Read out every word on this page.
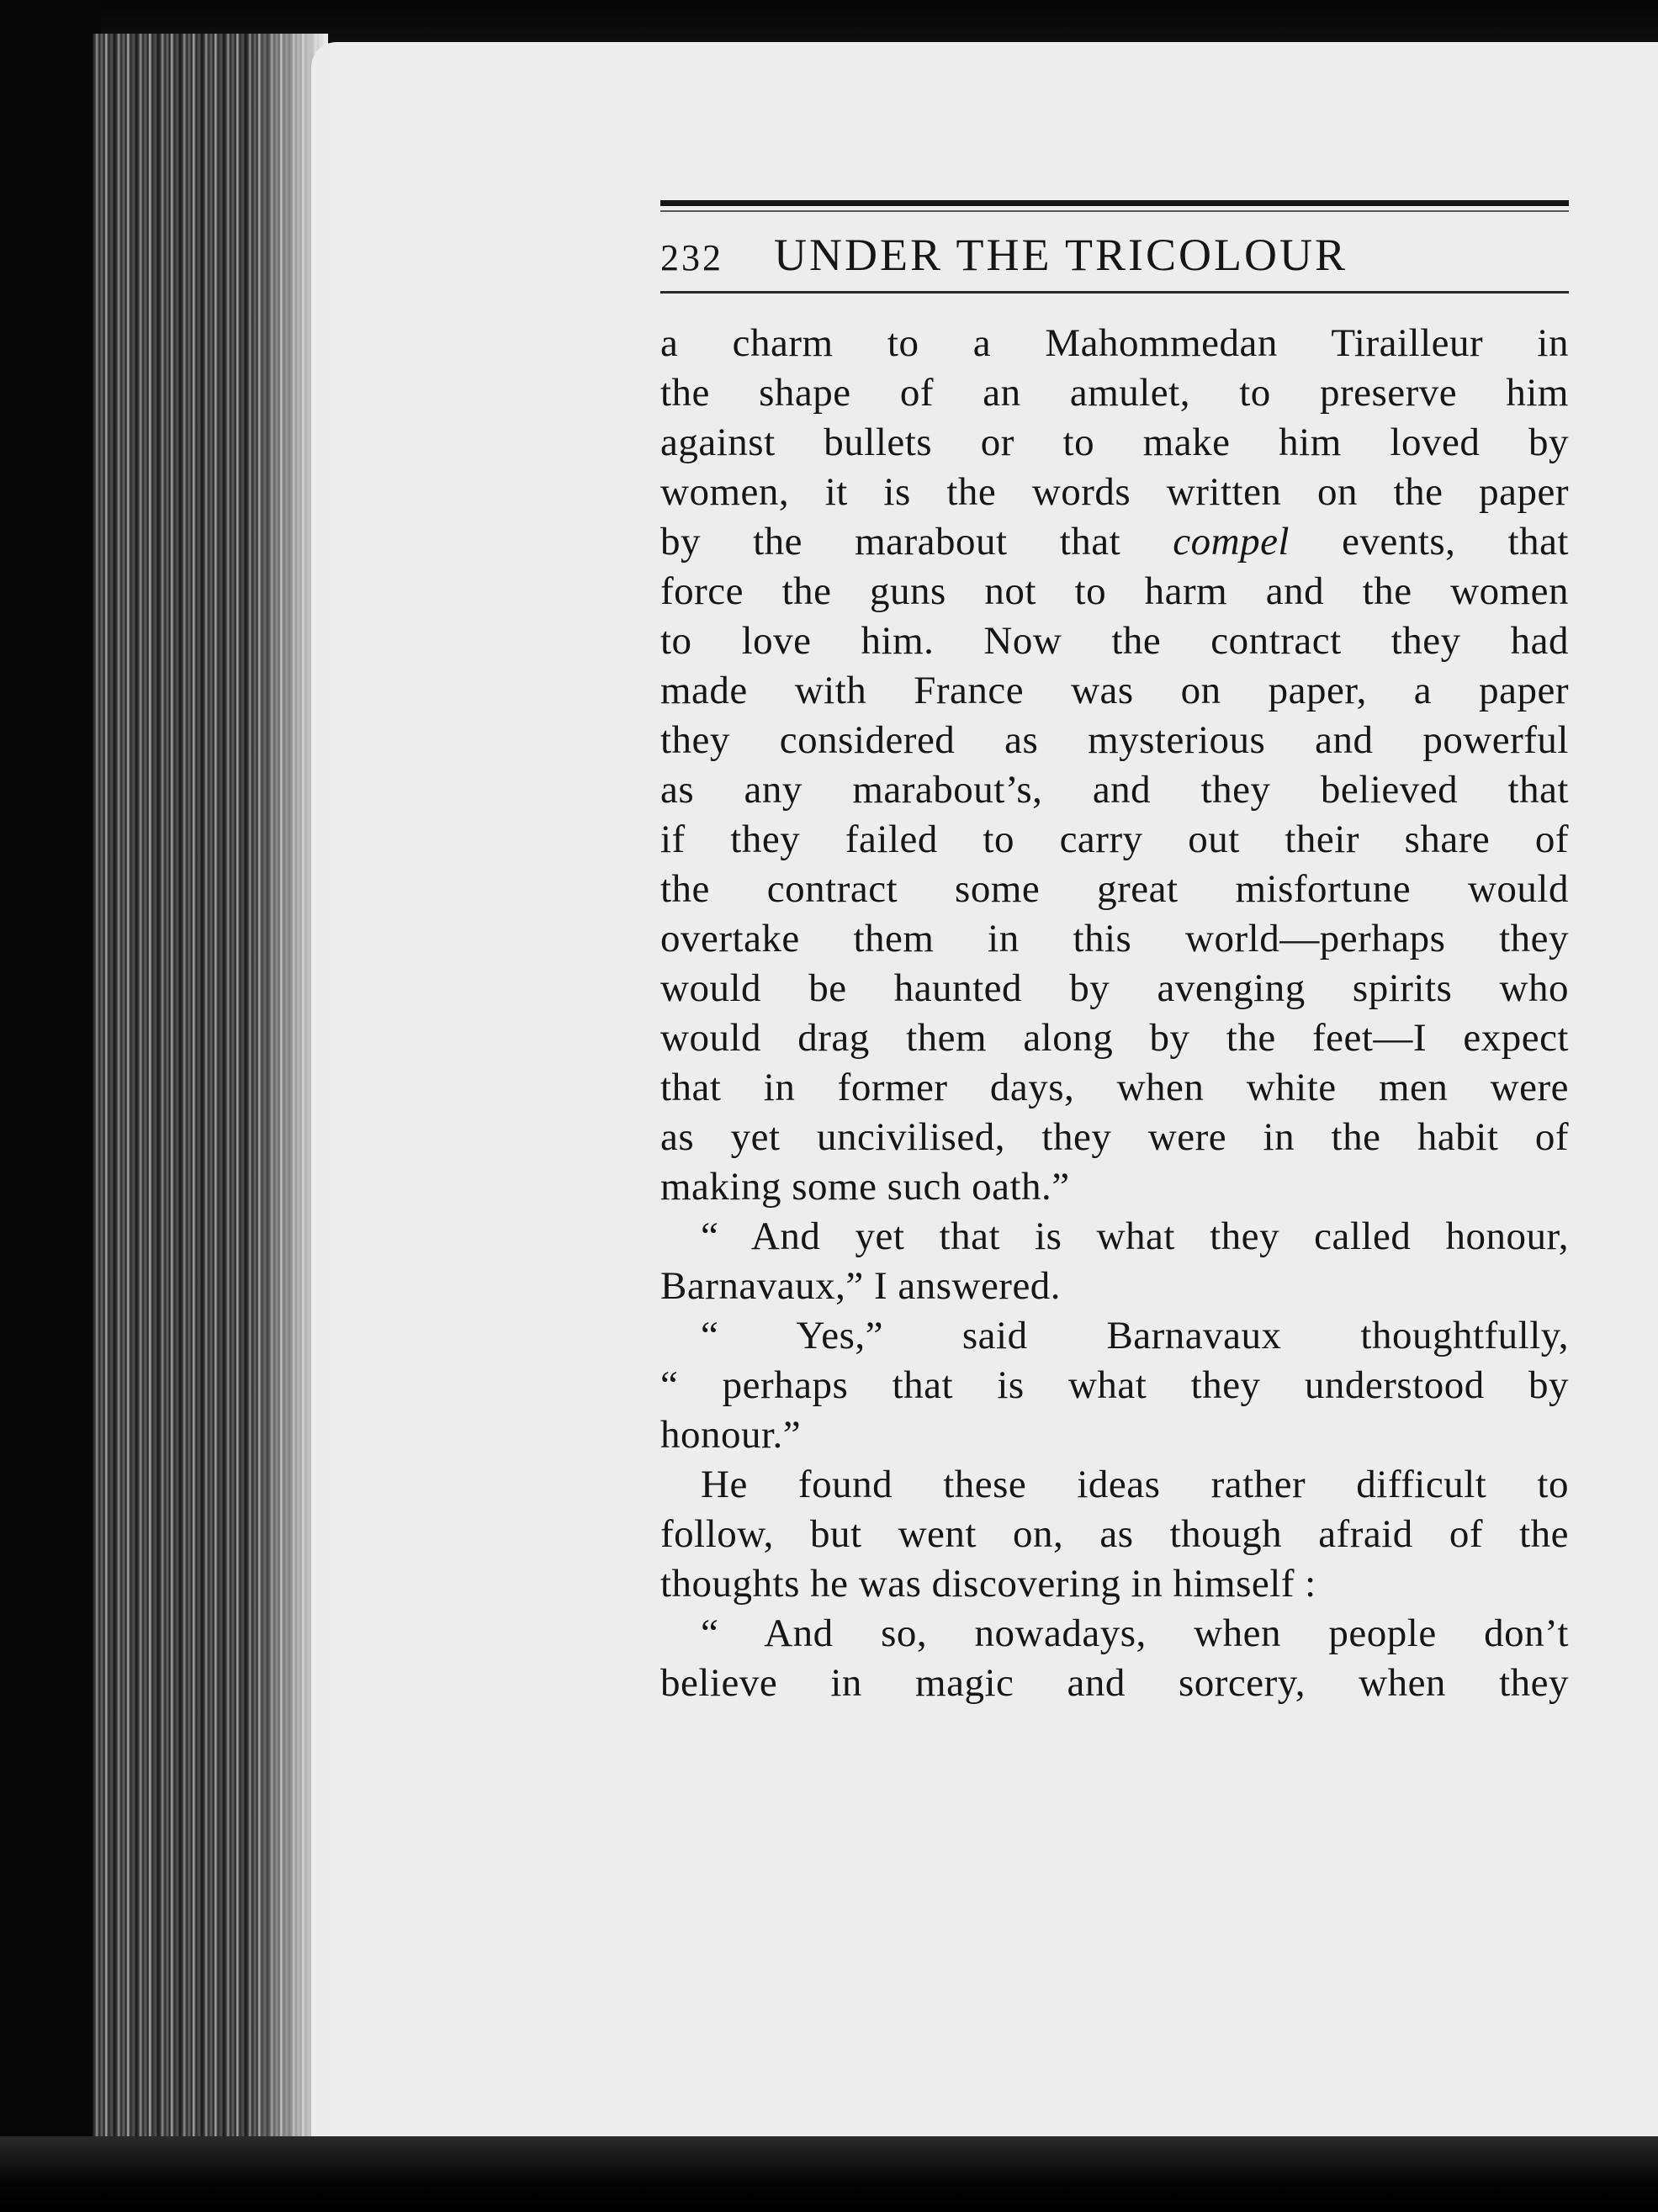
232	UNDER THE TRICOLOUR
a charm to a Mahommedan Tirailleur in
the shape of an amulet, to preserve him
against bullets or to make him loved by
women, it is the words written on the paper
by the marabout that compel events, that
force the guns not to harm and the women
to love him. Now the contract they had
made with France was on paper, a paper
they considered as mysterious and powerful
as any marabout’s, and they believed that
if they failed to carry out their share of
the contract some great misfortune would
overtake them in this world—perhaps they
would be haunted by avenging spirits who
would drag them along by the feet—I expect
that in former days, when white men were
as yet uncivilised, they were in the habit of
making some such oath.”
“ And yet that is what they called honour,
Barnavaux,” I answered.
“ Yes,” said Barnavaux thoughtfully,
“ perhaps that is what they understood by
honour.”
He found these ideas rather difficult to
follow, but went on, as though afraid of the
thoughts he was discovering in himself :
“ And so, nowadays, when people don’t
believe in magic and sorcery, when they
